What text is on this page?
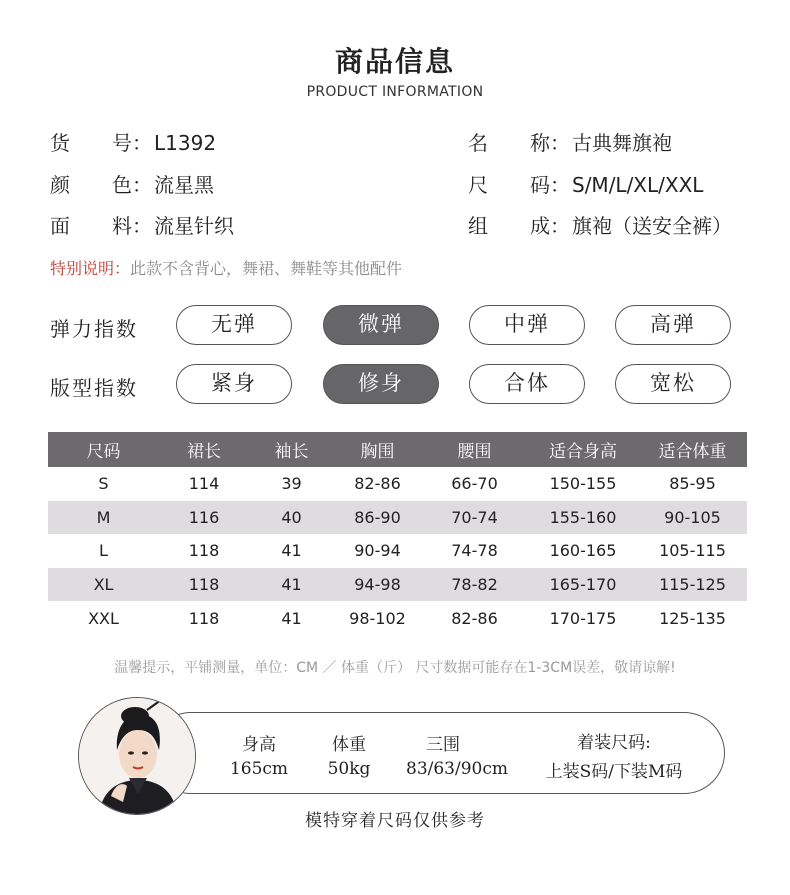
商品信息
PRODUCT INFORMATION
货号： L1392
颜色： 流星黑
面料： 流星针织
名称： 古典舞旗袍
尺码： S/M/L/XL/XXL
组成： 旗袍（送安全裤）
特别说明：此款不含背心，舞裙、舞鞋等其他配件
弹力指数	无弹	微弹	中弹	高弹
版型指数	紧身	修身	合体	宽松
尺码	裙长	袖长	胸围	腰围	适合身高	适合体重
S	114	39	82-86	66-70	150-155	85-95
M	116	40	86-90	70-74	155-160	90-105
L	118	41	90-94	74-78	160-165	105-115
XL	118	41	94-98	78-82	165-170	115-125
XXL	118	41	98-102	82-86	170-175	125-135
温馨提示，平铺测量，单位：CM ／ 体重（斤） 尺寸数据可能存在1-3CM误差，敬请谅解!
身高
165cm
体重
50kg
三围
83/63/90cm
着装尺码:
上装S码/下装M码
模特穿着尺码仅供参考
